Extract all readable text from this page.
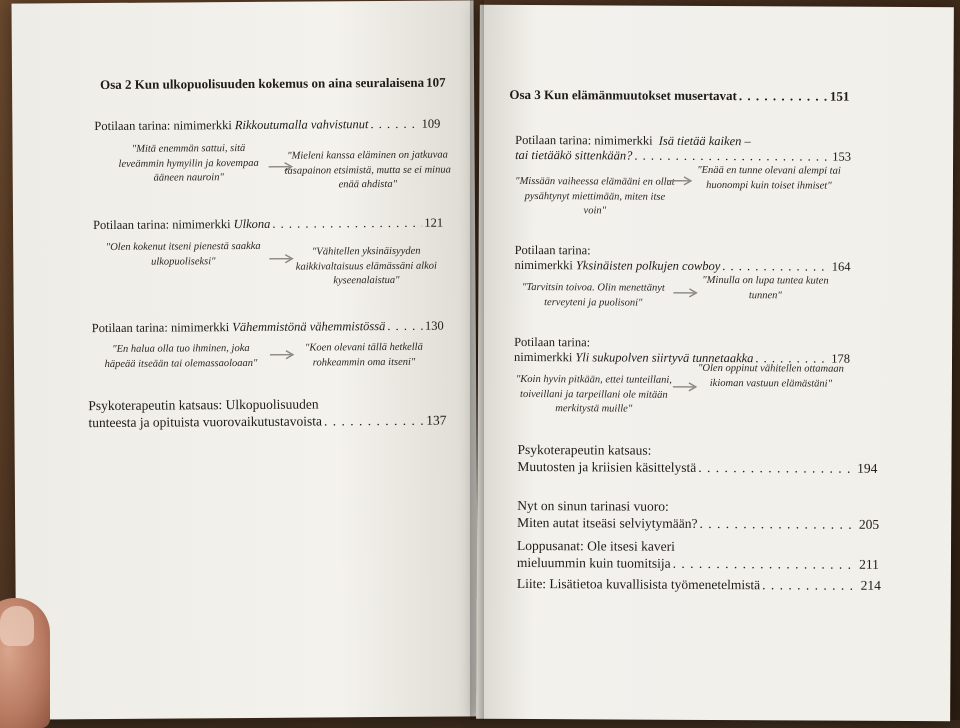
Osa 2 Kun ulkopuolisuuden kokemus on aina seuralaisena 107
Potilaan tarina: nimimerkki Rikkoutumalla vahvistunut . . .	109
"Mitä enemmän sattui, sitä leveämmin hymyilin ja kovempaa ääneen nauroin"
"Mieleni kanssa eläminen on jatkuvaa tasapainon etsimistä, mutta se ei minua enää ahdista"
Potilaan tarina: nimimerkki Ulkona . . .	121
"Olen kokenut itseni pienestä saakka ulkopuoliseksi"
"Vähitellen yksinäisyyden kaikkivaltaisuus elämässäni alkoi kyseenalaistua"
Potilaan tarina: nimimerkki Vähemmistönä vähemmistössä . . .	130
"En halua olla tuo ihminen, joka häpeää itseään tai olemassaoloaan"
"Koen olevani tällä hetkellä rohkeammin oma itseni"
Psykoterapeutin katsaus: Ulkopuolisuuden
tunteesta ja opituista vuorovaikutustavoista . . .	137
Osa 3 Kun elämänmuutokset musertavat . . .	151
Potilaan tarina: nimimerkki Isä tietää kaiken –
tai tietääkö sittenkään? . . .	153
"Missään vaiheessa elämääni en ollut pysähtynyt miettimään, miten itse voin"
"Enää en tunne olevani alempi tai huonompi kuin toiset ihmiset"
Potilaan tarina:
nimimerkki Yksinäisten polkujen cowboy . . .	164
"Tarvitsin toivoa. Olin menettänyt terveyteni ja puolisoni"
"Minulla on lupa tuntea kuten tunnen"
Potilaan tarina:
nimimerkki Yli sukupolven siirtyvä tunnetaakka . . .	178
"Koin hyvin pitkään, ettei tunteillani, toiveillani ja tarpeillani ole mitään merkitystä muille"
"Olen oppinut vähitellen ottamaan ikioman vastuun elämästäni"
Psykoterapeutin katsaus:
Muutosten ja kriisien käsittelystä . . .	194
Nyt on sinun tarinasi vuoro:
Miten autat itseäsi selviytymään? . . .	205
Loppusanat: Ole itsesi kaveri
mieluummin kuin tuomitsija . . .	211
Liite: Lisätietoa kuvallisista työmenetelmistä . . .	214
